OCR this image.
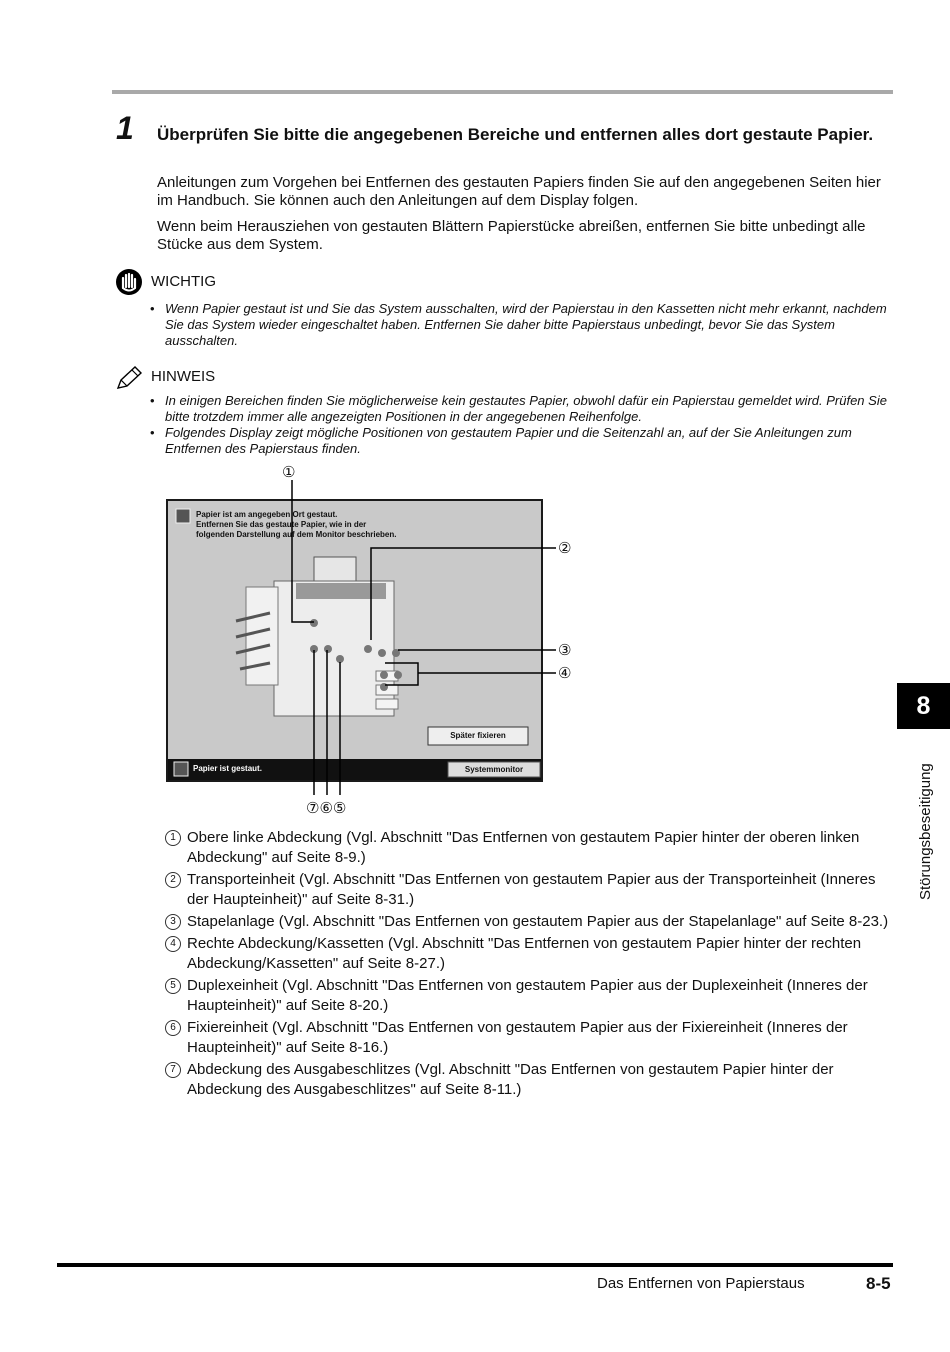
1 Überprüfen Sie bitte die angegebenen Bereiche und entfernen alles dort gestaute Papier.
Anleitungen zum Vorgehen bei Entfernen des gestauten Papiers finden Sie auf den angegebenen Seiten hier im Handbuch. Sie können auch den Anleitungen auf dem Display folgen.
Wenn beim Herausziehen von gestauten Blättern Papierstücke abreißen, entfernen Sie bitte unbedingt alle Stücke aus dem System.
WICHTIG
• Wenn Papier gestaut ist und Sie das System ausschalten, wird der Papierstau in den Kassetten nicht mehr erkannt, nachdem Sie das System wieder eingeschaltet haben. Entfernen Sie daher bitte Papierstaus unbedingt, bevor Sie das System ausschalten.
HINWEIS
• In einigen Bereichen finden Sie möglicherweise kein gestautes Papier, obwohl dafür ein Papierstau gemeldet wird. Prüfen Sie bitte trotzdem immer alle angezeigten Positionen in der angegebenen Reihenfolge.
• Folgendes Display zeigt mögliche Positionen von gestautem Papier und die Seitenzahl an, auf der Sie Anleitungen zum Entfernen des Papierstaus finden.
①
②
③
④
⑦⑥⑤
Papier ist am angegeben Ort gestaut.
Entfernen Sie das gestaute Papier, wie in der
folgenden Darstellung auf dem Monitor beschrieben.
Später fixieren
Papier ist gestaut.	Systemmonitor
1 Obere linke Abdeckung (Vgl. Abschnitt "Das Entfernen von gestautem Papier hinter der oberen linken Abdeckung" auf Seite 8-9.)
2 Transporteinheit (Vgl. Abschnitt "Das Entfernen von gestautem Papier aus der Transporteinheit (Inneres der Haupteinheit)" auf Seite 8-31.)
3 Stapelanlage (Vgl. Abschnitt "Das Entfernen von gestautem Papier aus der Stapelanlage" auf Seite 8-23.)
4 Rechte Abdeckung/Kassetten (Vgl. Abschnitt "Das Entfernen von gestautem Papier hinter der rechten Abdeckung/Kassetten" auf Seite 8-27.)
5 Duplexeinheit (Vgl. Abschnitt "Das Entfernen von gestautem Papier aus der Duplexeinheit (Inneres der Haupteinheit)" auf Seite 8-20.)
6 Fixiereinheit (Vgl. Abschnitt "Das Entfernen von gestautem Papier aus der Fixiereinheit (Inneres der Haupteinheit)" auf Seite 8-16.)
7 Abdeckung des Ausgabeschlitzes (Vgl. Abschnitt "Das Entfernen von gestautem Papier hinter der Abdeckung des Ausgabeschlitzes" auf Seite 8-11.)
8
Störungsbeseitigung
Das Entfernen von Papierstaus	8-5
